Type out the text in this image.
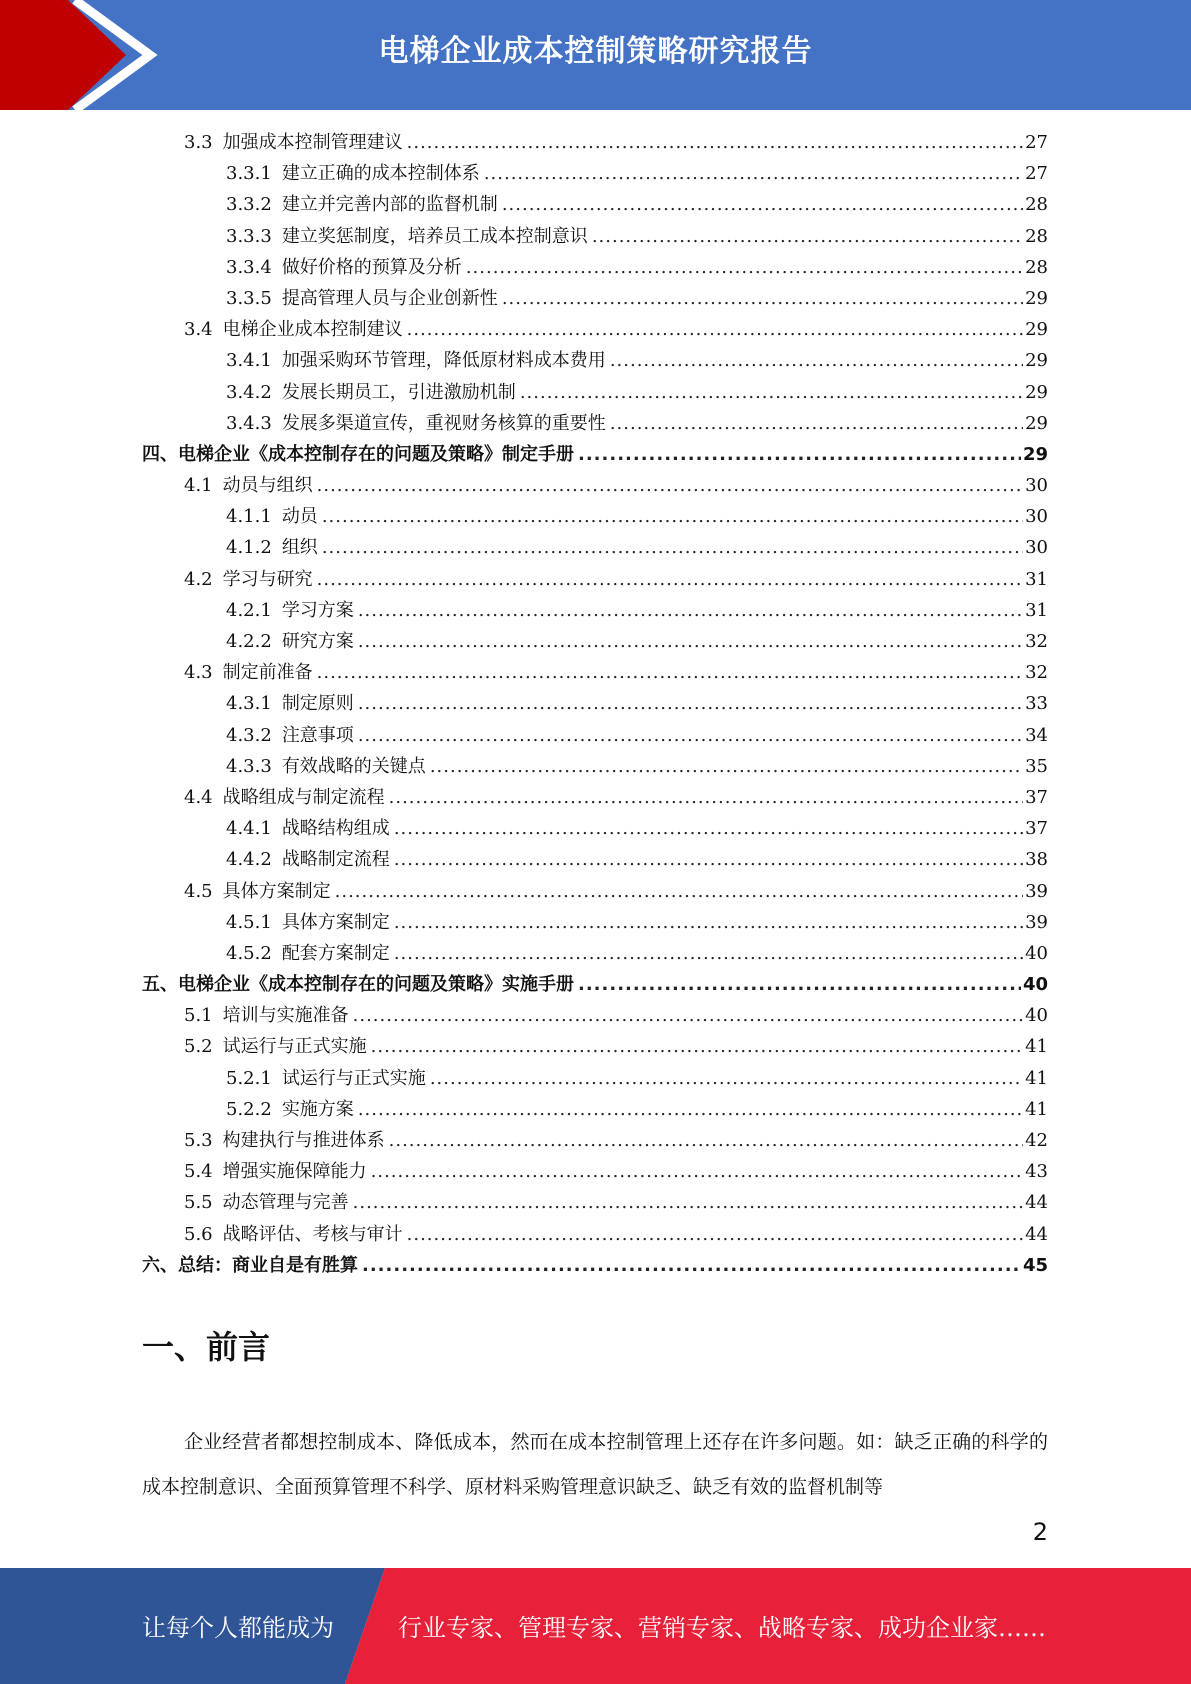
电梯企业成本控制策略研究报告
3.3 加强成本控制管理建议 .....	27
3.3.1 建立正确的成本控制体系 .....	27
3.3.2 建立并完善内部的监督机制 .....	28
3.3.3 建立奖惩制度，培养员工成本控制意识 .....	28
3.3.4 做好价格的预算及分析 .....	28
3.3.5 提高管理人员与企业创新性 .....	29
3.4 电梯企业成本控制建议 .....	29
3.4.1 加强采购环节管理，降低原材料成本费用 .....	29
3.4.2 发展长期员工，引进激励机制 .....	29
3.4.3 发展多渠道宣传，重视财务核算的重要性 .....	29
四、电梯企业《成本控制存在的问题及策略》制定手册 .....	29
4.1 动员与组织 .....	30
4.1.1 动员 .....	30
4.1.2 组织 .....	30
4.2 学习与研究 .....	31
4.2.1 学习方案 .....	31
4.2.2 研究方案 .....	32
4.3 制定前准备 .....	32
4.3.1 制定原则 .....	33
4.3.2 注意事项 .....	34
4.3.3 有效战略的关键点 .....	35
4.4 战略组成与制定流程 .....	37
4.4.1 战略结构组成 .....	37
4.4.2 战略制定流程 .....	38
4.5 具体方案制定 .....	39
4.5.1 具体方案制定 .....	39
4.5.2 配套方案制定 .....	40
五、电梯企业《成本控制存在的问题及策略》实施手册 .....	40
5.1 培训与实施准备 .....	40
5.2 试运行与正式实施 .....	41
5.2.1 试运行与正式实施 .....	41
5.2.2 实施方案 .....	41
5.3 构建执行与推进体系 .....	42
5.4 增强实施保障能力 .....	43
5.5 动态管理与完善 .....	44
5.6 战略评估、考核与审计 .....	44
六、总结：商业自是有胜算 .....	45
一、前言
企业经营者都想控制成本、降低成本，然而在成本控制管理上还存在许多问题。如：缺乏正确的科学的成本控制意识、全面预算管理不科学、原材料采购管理意识缺乏、缺乏有效的监督机制等
2
让每个人都能成为	行业专家、管理专家、营销专家、战略专家、成功企业家……
